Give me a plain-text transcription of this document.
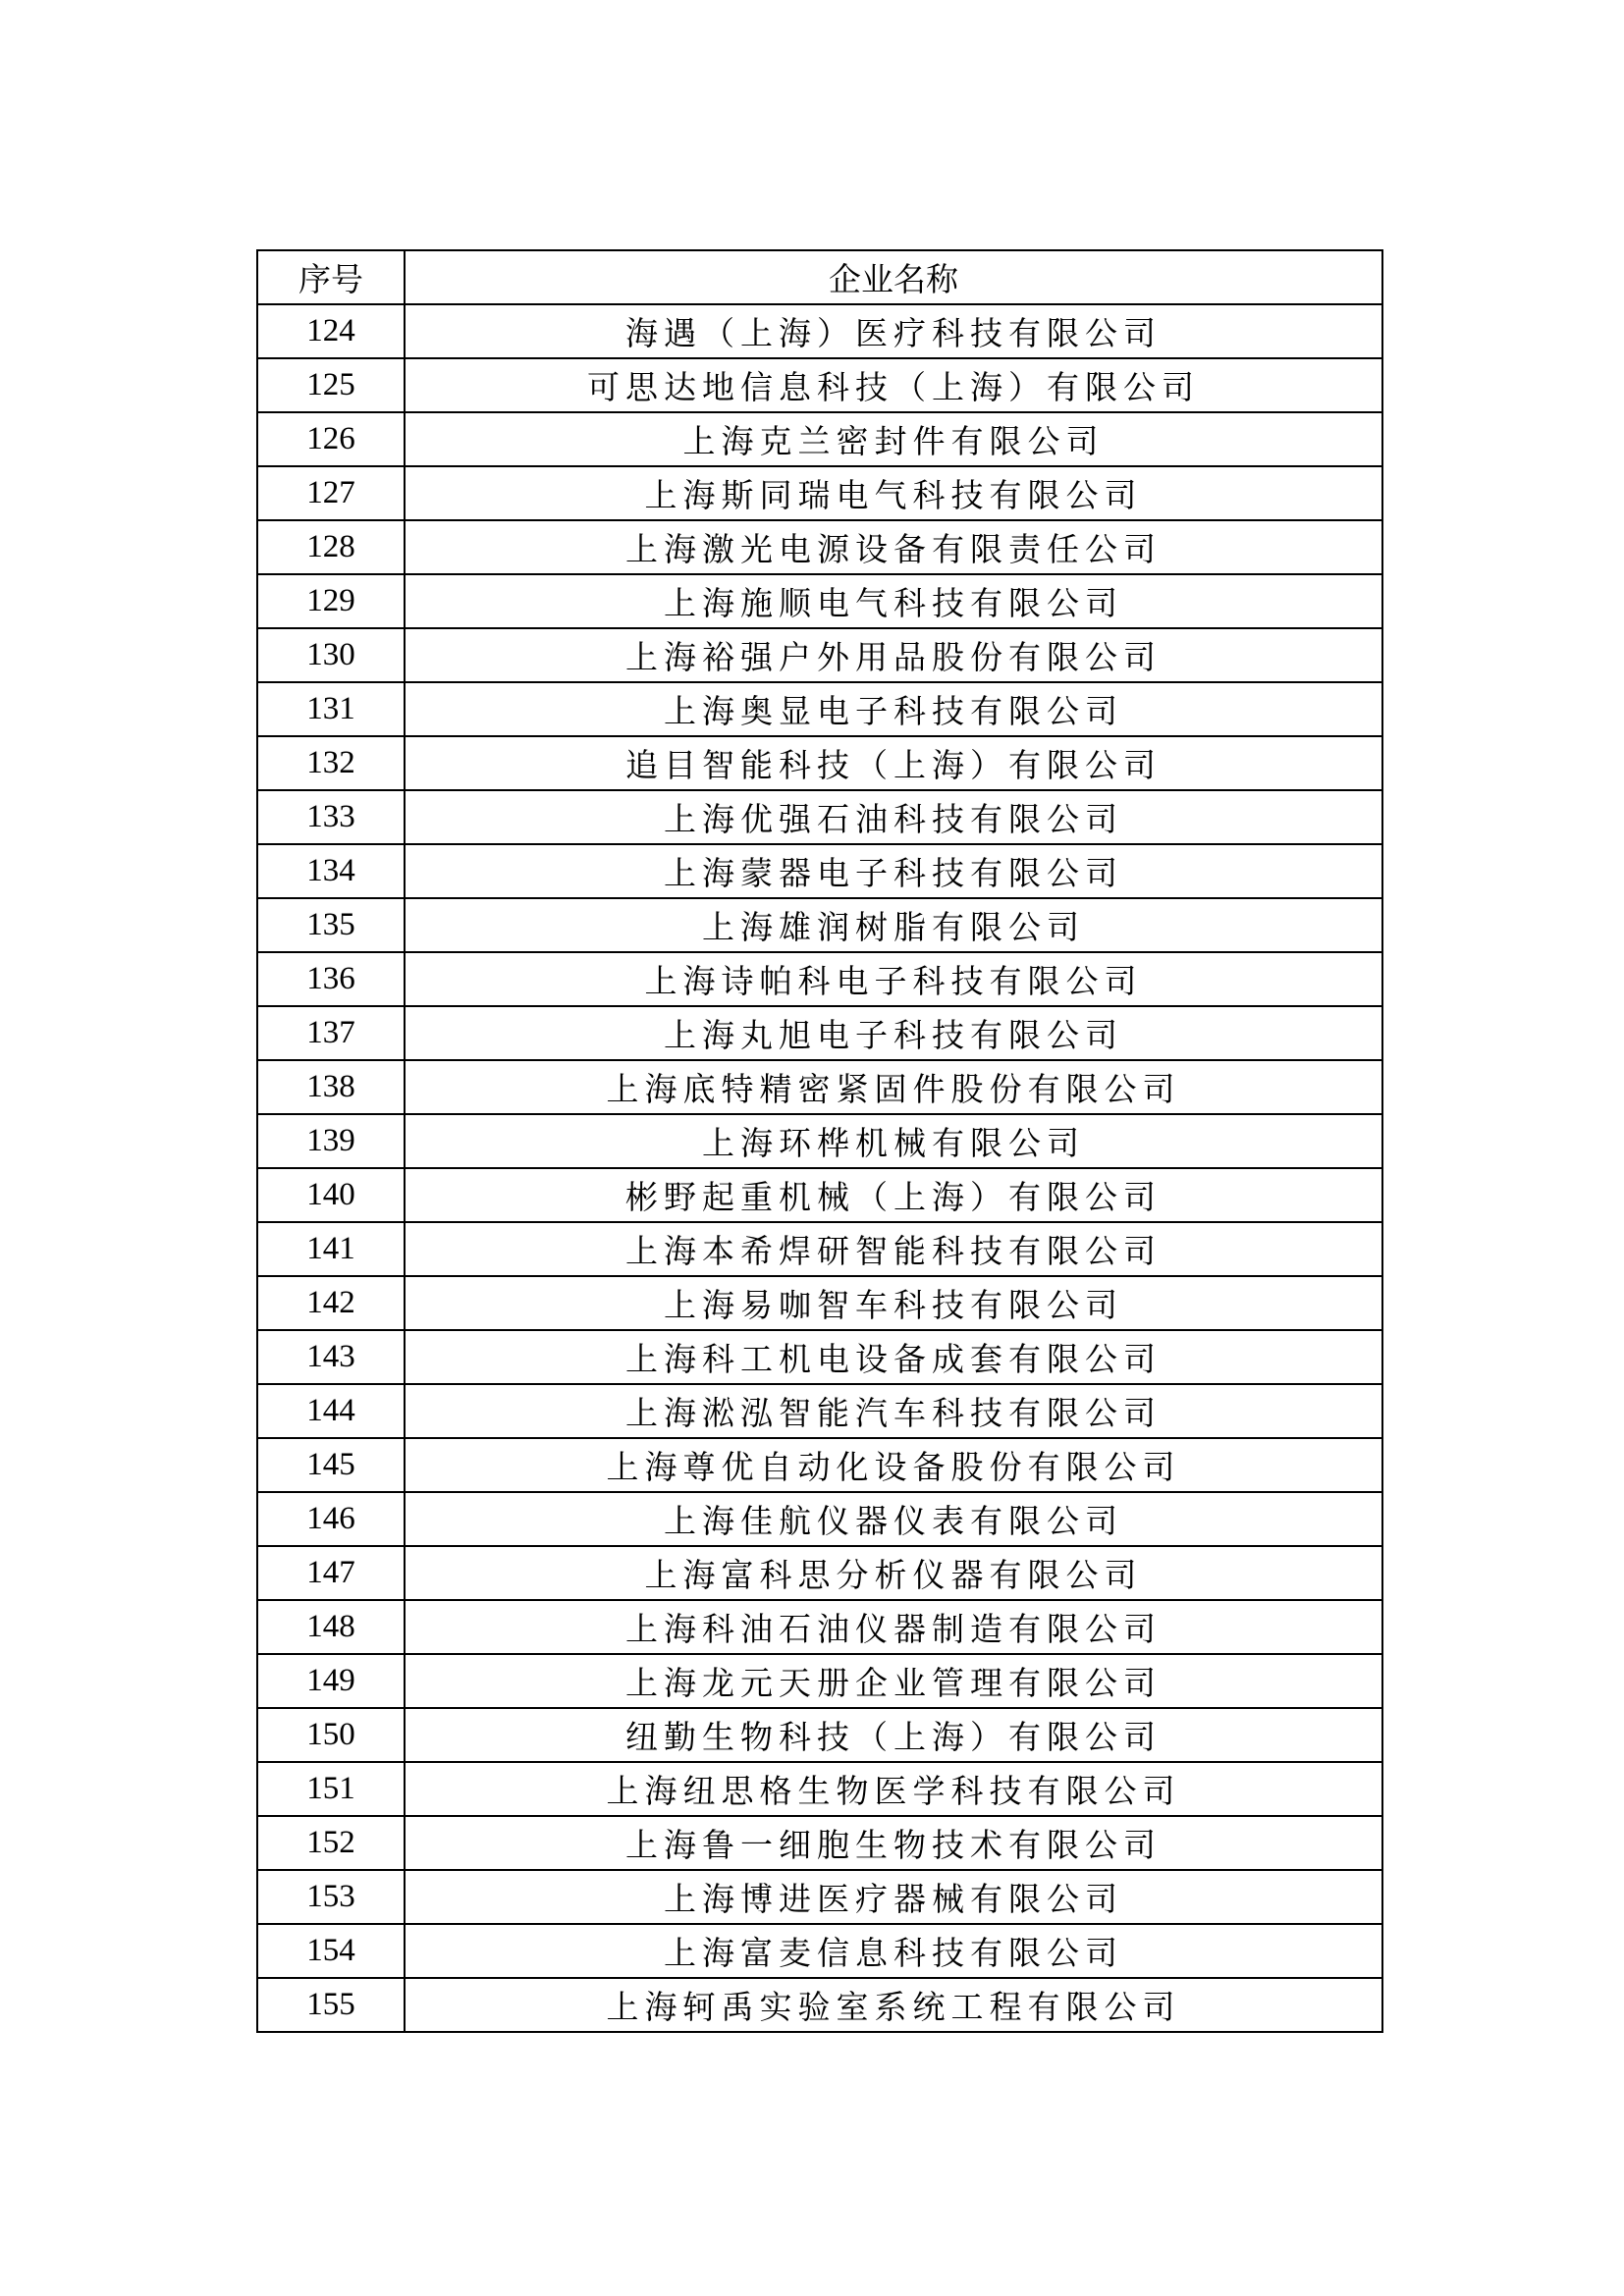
序号	企业名称
124	海遇（上海）医疗科技有限公司
125	可思达地信息科技（上海）有限公司
126	上海克兰密封件有限公司
127	上海斯同瑞电气科技有限公司
128	上海激光电源设备有限责任公司
129	上海施顺电气科技有限公司
130	上海裕强户外用品股份有限公司
131	上海奥显电子科技有限公司
132	追目智能科技（上海）有限公司
133	上海优强石油科技有限公司
134	上海蒙器电子科技有限公司
135	上海雄润树脂有限公司
136	上海诗帕科电子科技有限公司
137	上海丸旭电子科技有限公司
138	上海底特精密紧固件股份有限公司
139	上海环桦机械有限公司
140	彬野起重机械（上海）有限公司
141	上海本希焊研智能科技有限公司
142	上海易咖智车科技有限公司
143	上海科工机电设备成套有限公司
144	上海淞泓智能汽车科技有限公司
145	上海尊优自动化设备股份有限公司
146	上海佳航仪器仪表有限公司
147	上海富科思分析仪器有限公司
148	上海科油石油仪器制造有限公司
149	上海龙元天册企业管理有限公司
150	纽勤生物科技（上海）有限公司
151	上海纽思格生物医学科技有限公司
152	上海鲁一细胞生物技术有限公司
153	上海博进医疗器械有限公司
154	上海富麦信息科技有限公司
155	上海轲禹实验室系统工程有限公司
